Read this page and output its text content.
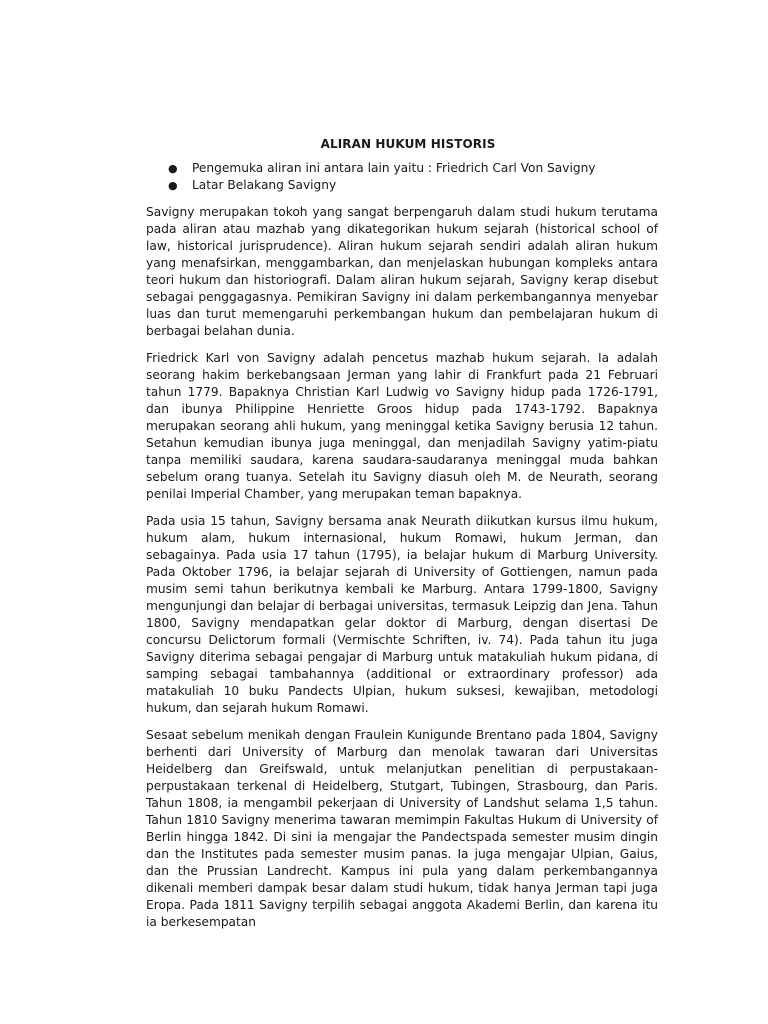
ALIRAN HUKUM HISTORIS
● Pengemuka aliran ini antara lain yaitu : Friedrich Carl Von Savigny
● Latar Belakang Savigny

Savigny merupakan tokoh yang sangat berpengaruh dalam studi hukum terutama pada aliran atau mazhab yang dikategorikan hukum sejarah (historical school of law, historical jurisprudence). Aliran hukum sejarah sendiri adalah aliran hukum yang menafsirkan, menggambarkan, dan menjelaskan hubungan kompleks antara teori hukum dan historiografi. Dalam aliran hukum sejarah, Savigny kerap disebut sebagai penggagasnya. Pemikiran Savigny ini dalam perkembangannya menyebar luas dan turut memengaruhi perkembangan hukum dan pembelajaran hukum di berbagai belahan dunia.

Friedrick Karl von Savigny adalah pencetus mazhab hukum sejarah. Ia adalah seorang hakim berkebangsaan Jerman yang lahir di Frankfurt pada 21 Februari tahun 1779. Bapaknya Christian Karl Ludwig vo Savigny hidup pada 1726-1791, dan ibunya Philippine Henriette Groos hidup pada 1743-1792. Bapaknya merupakan seorang ahli hukum, yang meninggal ketika Savigny berusia 12 tahun. Setahun kemudian ibunya juga meninggal, dan menjadilah Savigny yatim-piatu tanpa memiliki saudara, karena saudara-saudaranya meninggal muda bahkan sebelum orang tuanya. Setelah itu Savigny diasuh oleh M. de Neurath, seorang penilai Imperial Chamber, yang merupakan teman bapaknya.

Pada usia 15 tahun, Savigny bersama anak Neurath diikutkan kursus ilmu hukum, hukum alam, hukum internasional, hukum Romawi, hukum Jerman, dan sebagainya. Pada usia 17 tahun (1795), ia belajar hukum di Marburg University. Pada Oktober 1796, ia belajar sejarah di University of Gottiengen, namun pada musim semi tahun berikutnya kembali ke Marburg. Antara 1799-1800, Savigny mengunjungi dan belajar di berbagai universitas, termasuk Leipzig dan Jena. Tahun 1800, Savigny mendapatkan gelar doktor di Marburg, dengan disertasi De concursu Delictorum formali (Vermischte Schriften, iv. 74). Pada tahun itu juga Savigny diterima sebagai pengajar di Marburg untuk matakuliah hukum pidana, di samping sebagai tambahannya (additional or extraordinary professor) ada matakuliah 10 buku Pandects Ulpian, hukum suksesi, kewajiban, metodologi hukum, dan sejarah hukum Romawi.

Sesaat sebelum menikah dengan Fraulein Kunigunde Brentano pada 1804, Savigny berhenti dari University of Marburg dan menolak tawaran dari Universitas Heidelberg dan Greifswald, untuk melanjutkan penelitian di perpustakaan-perpustakaan terkenal di Heidelberg, Stutgart, Tubingen, Strasbourg, dan Paris. Tahun 1808, ia mengambil pekerjaan di University of Landshut selama 1,5 tahun. Tahun 1810 Savigny menerima tawaran memimpin Fakultas Hukum di University of Berlin hingga 1842. Di sini ia mengajar the Pandectspada semester musim dingin dan the Institutes pada semester musim panas. Ia juga mengajar Ulpian, Gaius, dan the Prussian Landrecht. Kampus ini pula yang dalam perkembangannya dikenali memberi dampak besar dalam studi hukum, tidak hanya Jerman tapi juga Eropa. Pada 1811 Savigny terpilih sebagai anggota Akademi Berlin, dan karena itu ia berkesempatan
